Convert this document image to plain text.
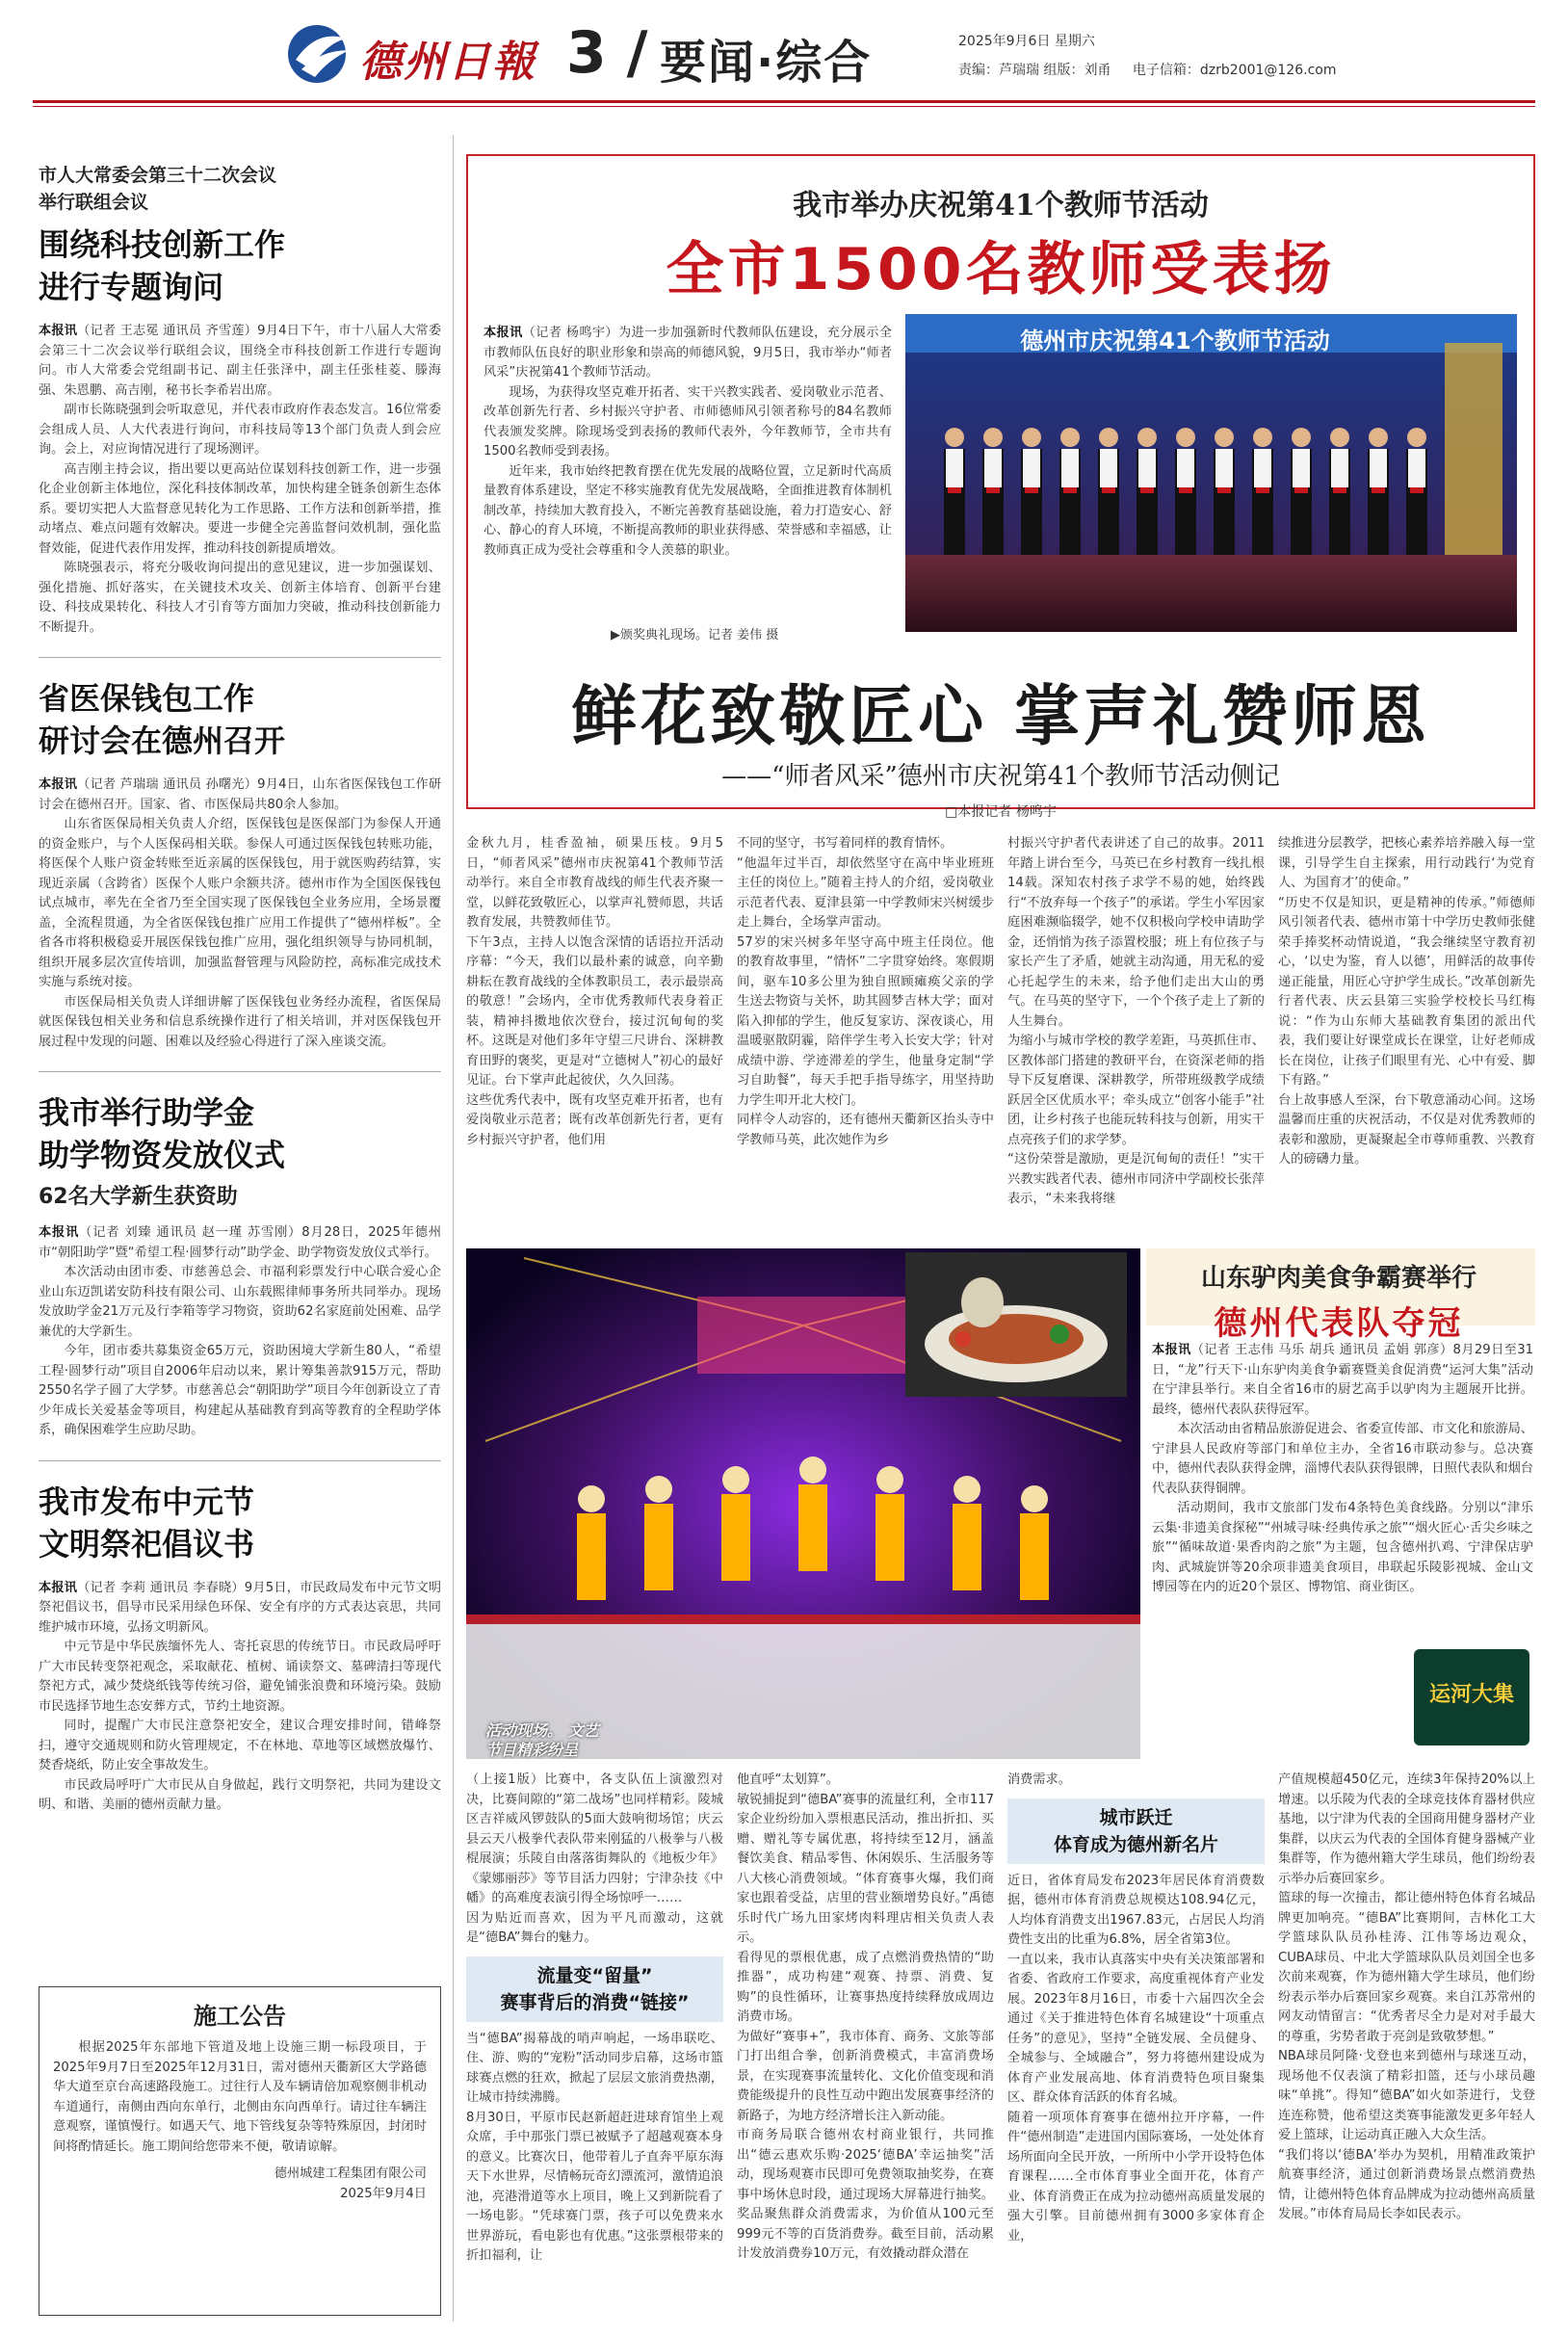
德州日報 3 / 要闻·综合	2025年9月6日 星期六
责编：芦瑞瑞 组版：刘甬 电子信箱：dzrb2001@126.com
市人大常委会第三十二次会议
举行联组会议
围绕科技创新工作
进行专题询问

本报讯（记者 王志冕 通讯员 齐雪莲）9月4日下午，市十八届人大常委会第三十二次会议举行联组会议，围绕全市科技创新工作进行专题询问。市人大常委会党组副书记、副主任张泽中，副主任张桂菱、滕海强、朱恩鹏、高吉刚，秘书长李希岩出席。

副市长陈晓强到会听取意见，并代表市政府作表态发言。16位常委会组成人员、人大代表进行询问，市科技局等13个部门负责人到会应询。会上，对应询情况进行了现场测评。

高吉刚主持会议，指出要以更高站位谋划科技创新工作，进一步强化企业创新主体地位，深化科技体制改革，加快构建全链条创新生态体系。要切实把人大监督意见转化为工作思路、工作方法和创新举措，推动堵点、难点问题有效解决。要进一步健全完善监督问效机制，强化监督效能，促进代表作用发挥，推动科技创新提质增效。

陈晓强表示，将充分吸收询问提出的意见建议，进一步加强谋划、强化措施、抓好落实，在关键技术攻关、创新主体培育、创新平台建设、科技成果转化、科技人才引育等方面加力突破，推动科技创新能力不断提升。

省医保钱包工作
研讨会在德州召开

本报讯（记者 芦瑞瑞 通讯员 孙曙光）9月4日，山东省医保钱包工作研讨会在德州召开。国家、省、市医保局共80余人参加。

山东省医保局相关负责人介绍，医保钱包是医保部门为参保人开通的资金账户，与个人医保码相关联。参保人可通过医保钱包转账功能，将医保个人账户资金转账至近亲属的医保钱包，用于就医购药结算，实现近亲属（含跨省）医保个人账户余额共济。德州市作为全国医保钱包试点城市，率先在全省乃至全国实现了医保钱包全业务应用，全场景覆盖，全流程贯通，为全省医保钱包推广应用工作提供了“德州样板”。全省各市将积极稳妥开展医保钱包推广应用，强化组织领导与协同机制，组织开展多层次宣传培训，加强监督管理与风险防控，高标准完成技术实施与系统对接。

市医保局相关负责人详细讲解了医保钱包业务经办流程，省医保局就医保钱包相关业务和信息系统操作进行了相关培训，并对医保钱包开展过程中发现的问题、困难以及经验心得进行了深入座谈交流。

我市举行助学金
助学物资发放仪式
62名大学新生获资助

本报讯（记者 刘臻 通讯员 赵一瑾 苏雪刚）8月28日，2025年德州市“朝阳助学”暨“希望工程·圆梦行动”助学金、助学物资发放仪式举行。

本次活动由团市委、市慈善总会、市福利彩票发行中心联合爱心企业山东迈凯诺安防科技有限公司、山东载熙律师事务所共同举办。现场发放助学金21万元及行李箱等学习物资，资助62名家庭前处困难、品学兼优的大学新生。

今年，团市委共募集资金65万元，资助困境大学新生80人，“希望工程·圆梦行动”项目自2006年启动以来，累计筹集善款915万元，帮助2550名学子圆了大学梦。市慈善总会“朝阳助学”项目今年创新设立了青少年成长关爱基金等项目，构建起从基础教育到高等教育的全程助学体系，确保困难学生应助尽助。

我市发布中元节
文明祭祀倡议书

本报讯（记者 李莉 通讯员 李春晓）9月5日，市民政局发布中元节文明祭祀倡议书，倡导市民采用绿色环保、安全有序的方式表达哀思，共同维护城市环境，弘扬文明新风。

中元节是中华民族缅怀先人、寄托哀思的传统节日。市民政局呼吁广大市民转变祭祀观念，采取献花、植树、诵读祭文、墓碑清扫等现代祭祀方式，减少焚烧纸钱等传统习俗，避免铺张浪费和环境污染。鼓励市民选择节地生态安葬方式，节约土地资源。

同时，提醒广大市民注意祭祀安全，建议合理安排时间，错峰祭扫，遵守交通规则和防火管理规定，不在林地、草地等区域燃放爆竹、焚香烧纸，防止安全事故发生。

市民政局呼吁广大市民从自身做起，践行文明祭祀，共同为建设文明、和谐、美丽的德州贡献力量。

施工公告

根据2025年东部地下管道及地上设施三期一标段项目，于2025年9月7日至2025年12月31日，需对德州天衢新区大学路德华大道至京台高速路段施工。过往行人及车辆请倍加观察侧非机动车道通行，南侧由西向东单行，北侧由东向西单行。请过往车辆注意观察，谨慎慢行。如遇天气、地下管线复杂等特殊原因，封闭时间将酌情延长。施工期间给您带来不便，敬请谅解。

德州城建工程集团有限公司
2025年9月4日
我市举办庆祝第41个教师节活动
全市1500名教师受表扬

本报讯（记者 杨鸣宇）为进一步加强新时代教师队伍建设，充分展示全市教师队伍良好的职业形象和崇高的师德风貌，9月5日，我市举办“师者风采”庆祝第41个教师节活动。

现场，为获得攻坚克难开拓者、实干兴教实践者、爱岗敬业示范者、改革创新先行者、乡村振兴守护者、市师德师风引领者称号的84名教师代表颁发奖牌。除现场受到表扬的教师代表外，今年教师节，全市共有1500名教师受到表扬。

近年来，我市始终把教育摆在优先发展的战略位置，立足新时代高质量教育体系建设，坚定不移实施教育优先发展战略，全面推进教育体制机制改革，持续加大教育投入，不断完善教育基础设施，着力打造安心、舒心、静心的育人环境，不断提高教师的职业获得感、荣誉感和幸福感，让教师真正成为受社会尊重和令人羡慕的职业。

▶颁奖典礼现场。记者 姜伟 摄
德州市庆祝第41个教师节活动
鲜花致敬匠心 掌声礼赞师恩
——“师者风采”德州市庆祝第41个教师节活动侧记
□本报记者 杨鸣宇
金秋九月，桂香盈袖，硕果压枝。9月5日，“师者风采”德州市庆祝第41个教师节活动举行。来自全市教育战线的师生代表齐聚一堂，以鲜花致敬匠心，以掌声礼赞师恩，共话教育发展，共赞教师佳节。
下午3点，主持人以饱含深情的话语拉开活动序幕：“今天，我们以最朴素的诚意，向辛勤耕耘在教育战线的全体教职员工，表示最崇高的敬意！”会场内，全市优秀教师代表身着正装，精神抖擞地依次登台，接过沉甸甸的奖杯。这既是对他们多年守望三尺讲台、深耕教育田野的褒奖，更是对“立德树人”初心的最好见证。台下掌声此起彼伏，久久回荡。
这些优秀代表中，既有攻坚克难开拓者，也有爱岗敬业示范者；既有改革创新先行者，更有乡村振兴守护者，他们用
不同的坚守，书写着同样的教育情怀。
“他温年过半百，却依然坚守在高中毕业班班主任的岗位上。”随着主持人的介绍，爱岗敬业示范者代表、夏津县第一中学教师宋兴树缓步走上舞台，全场掌声雷动。
57岁的宋兴树多年坚守高中班主任岗位。他的教育故事里，“情怀”二字贯穿始终。寒假期间，驱车10多公里为独自照顾瘫痪父亲的学生送去物资与关怀，助其圆梦吉林大学；面对陷入抑郁的学生，他反复家访、深夜谈心，用温暖驱散阴霾，陪伴学生考入长安大学；针对成绩中游、学迹滞差的学生，他量身定制“学习自助餐”，每天手把手指导练字，用坚持助力学生叩开北大校门。
同样令人动容的，还有德州天衢新区抬头寺中学教师马英，此次她作为乡
村振兴守护者代表讲述了自己的故事。2011年踏上讲台至今，马英已在乡村教育一线扎根14载。深知农村孩子求学不易的她，始终践行“不放弃每一个孩子”的承诺。学生小军因家庭困难濒临辍学，她不仅积极向学校申请助学金，还悄悄为孩子添置校服；班上有位孩子与家长产生了矛盾，她就主动沟通，用无私的爱心托起学生的未来，给予他们走出大山的勇气。在马英的坚守下，一个个孩子走上了新的人生舞台。
为缩小与城市学校的教学差距，马英抓住市、区教体部门搭建的教研平台，在资深老师的指导下反复磨课、深耕教学，所带班级教学成绩跃居全区优质水平；牵头成立“创客小能手”社团，让乡村孩子也能玩转科技与创新，用实干点亮孩子们的求学梦。
“这份荣誉是激励，更是沉甸甸的责任！”实干兴教实践者代表、德州市同济中学副校长张萍表示，“未来我将继
续推进分层教学，把核心素养培养融入每一堂课，引导学生自主探索，用行动践行‘为党育人、为国育才’的使命。”
“历史不仅是知识，更是精神的传承。”师德师风引领者代表、德州市第十中学历史教师张健荣手捧奖杯动情说道，“我会继续坚守教育初心，‘以史为鉴，育人以德’，用鲜活的故事传递正能量，用匠心守护学生成长。”改革创新先行者代表、庆云县第三实验学校校长马红梅说：“作为山东师大基础教育集团的派出代表，我们要让好课堂成长在课堂，让好老师成长在岗位，让孩子们眼里有光、心中有爱、脚下有路。”
台上故事感人至深，台下敬意涌动心间。这场温馨而庄重的庆祝活动，不仅是对优秀教师的表彰和激励，更凝聚起全市尊师重教、兴教育人的磅礴力量。
活动现场。 文艺
节目精彩纷呈
山东驴肉美食争霸赛举行
德州代表队夺冠

本报讯（记者 王志伟 马乐 胡兵 通讯员 孟娟 郭彦）8月29日至31日，“龙”行天下·山东驴肉美食争霸赛暨美食促消费“运河大集”活动在宁津县举行。来自全省16市的厨艺高手以驴肉为主题展开比拼。最终，德州代表队获得冠军。

本次活动由省精品旅游促进会、省委宣传部、市文化和旅游局、宁津县人民政府等部门和单位主办，全省16市联动参与。总决赛中，德州代表队获得金牌，淄博代表队获得银牌，日照代表队和烟台代表队获得铜牌。

活动期间，我市文旅部门发布4条特色美食线路。分别以“津乐云集·非遗美食探秘”“州城寻味·经典传承之旅”“烟火匠心·舌尖乡味之旅”“循味故道·果香肉韵之旅”为主题，包含德州扒鸡、宁津保店驴肉、武城旋饼等20余项非遗美食项目，串联起乐陵影视城、金山文博园等在内的近20个景区、博物馆、商业街区。

运河大集
（上接1版）比赛中，各支队伍上演激烈对决，比赛间隙的“第二战场”也同样精彩。陵城区吉祥威风锣鼓队的5面大鼓响彻场馆；庆云县云天八极拳代表队带来刚猛的八极拳与八极棍展演；乐陵自由落落街舞队的《地板少年》《蒙娜丽莎》等节目活力四射；宁津杂技《中幡》的高难度表演引得全场惊呼一……
因为贴近而喜欢，因为平凡而激动，这就是“德BA”舞台的魅力。
流量变“留量”
赛事背后的消费“链接”
当“德BA”揭幕战的哨声响起，一场串联吃、住、游、购的“宠粉”活动同步启幕，这场市篮球赛点燃的狂欢，掀起了层层文旅消费热潮，让城市持续沸腾。
8月30日，平原市民赵新超赶进球育馆坐上观众席，手中那张门票已被赋予了超越观赛本身的意义。比赛次日，他带着儿子直奔平原东海天下水世界，尽情畅玩奇幻漂流河，激情追浪池，亮港滑道等水上项目，晚上又到新院看了一场电影。“凭球赛门票，孩子可以免费来水世界游玩，看电影也有优惠。”这张票根带来的折扣福利，让
他直呼“太划算”。
敏锐捕捉到“德BA”赛事的流量红利，全市117家企业纷纷加入票根惠民活动，推出折扣、买赠、赠礼等专属优惠，将持续至12月，涵盖餐饮美食、精品零售、休闲娱乐、生活服务等八大核心消费领域。“体育赛事火爆，我们商家也跟着受益，店里的营业额增势良好。”禹德乐时代广场九田家烤肉料理店相关负责人表示。
看得见的票根优惠，成了点燃消费热情的“助推器”，成功构建“观赛、持票、消费、复购”的良性循环，让赛事热度持续释放成周边消费市场。
为做好“赛事+”，我市体育、商务、文旅等部门打出组合拳，创新消费模式，丰富消费场景，在实现赛事流量转化、文化价值变现和消费能级提升的良性互动中跑出发展赛事经济的新路子，为地方经济增长注入新动能。
市商务局联合德州农村商业银行，共同推出“德云惠欢乐购·2025‘德BA’幸运抽奖”活动，现场观赛市民即可免费领取抽奖券，在赛事中场休息时段，通过现场大屏幕进行抽奖。奖品聚焦群众消费需求，为价值从100元至999元不等的百货消费券。截至目前，活动累计发放消费券10万元，有效撬动群众潜在
消费需求。
城市跃迁
体育成为德州新名片
近日，省体育局发布2023年居民体育消费数据，德州市体育消费总规模达108.94亿元，人均体育消费支出1967.83元，占居民人均消费性支出的比重为6.8%，居全省第3位。
一直以来，我市认真落实中央有关决策部署和省委、省政府工作要求，高度重视体育产业发展。2023年8月16日，市委十六届四次全会通过《关于推进特色体育名城建设“十项重点任务”的意见》，坚持“全链发展、全员健身、全城参与、全域融合”，努力将德州建设成为体育产业发展高地、体育消费特色项目聚集区、群众体育活跃的体育名城。
随着一项项体育赛事在德州拉开序幕，一件件“德州制造”走进国内国际赛场，一处处体育场所面向全民开放，一所所中小学开设特色体育课程……全市体育事业全面开花，体育产业、体育消费正在成为拉动德州高质量发展的强大引擎。目前德州拥有3000多家体育企业，
产值规模超450亿元，连续3年保持20%以上增速。以乐陵为代表的全球竞技体育器材供应基地，以宁津为代表的全国商用健身器材产业集群，以庆云为代表的全国体育健身器械产业集群等，作为德州籍大学生球员，他们纷纷表示举办后赛回家乡。
篮球的每一次撞击，都让德州特色体育名城品牌更加响亮。“德BA”比赛期间，吉林化工大学篮球队队员孙桂涛、江伟等场边观众，CUBA球员、中北大学篮球队队员刘国全也多次前来观赛，作为德州籍大学生球员，他们纷纷表示举办后赛回家乡观赛。来自江苏常州的网友动情留言：“优秀者尽全力是对对手最大的尊重，劣势者敢于亮剑是致敬梦想。”
NBA球员阿隆·戈登也来到德州与球迷互动，现场他不仅表演了精彩扣篮，还与小球员趣味“单挑”。得知“德BA”如火如荼进行，戈登连连称赞，他希望这类赛事能激发更多年轻人爱上篮球，让运动真正融入大众生活。
“我们将以‘德BA’举办为契机，用精准政策护航赛事经济，通过创新消费场景点燃消费热情，让德州特色体育品牌成为拉动德州高质量发展。”市体育局局长李如民表示。
